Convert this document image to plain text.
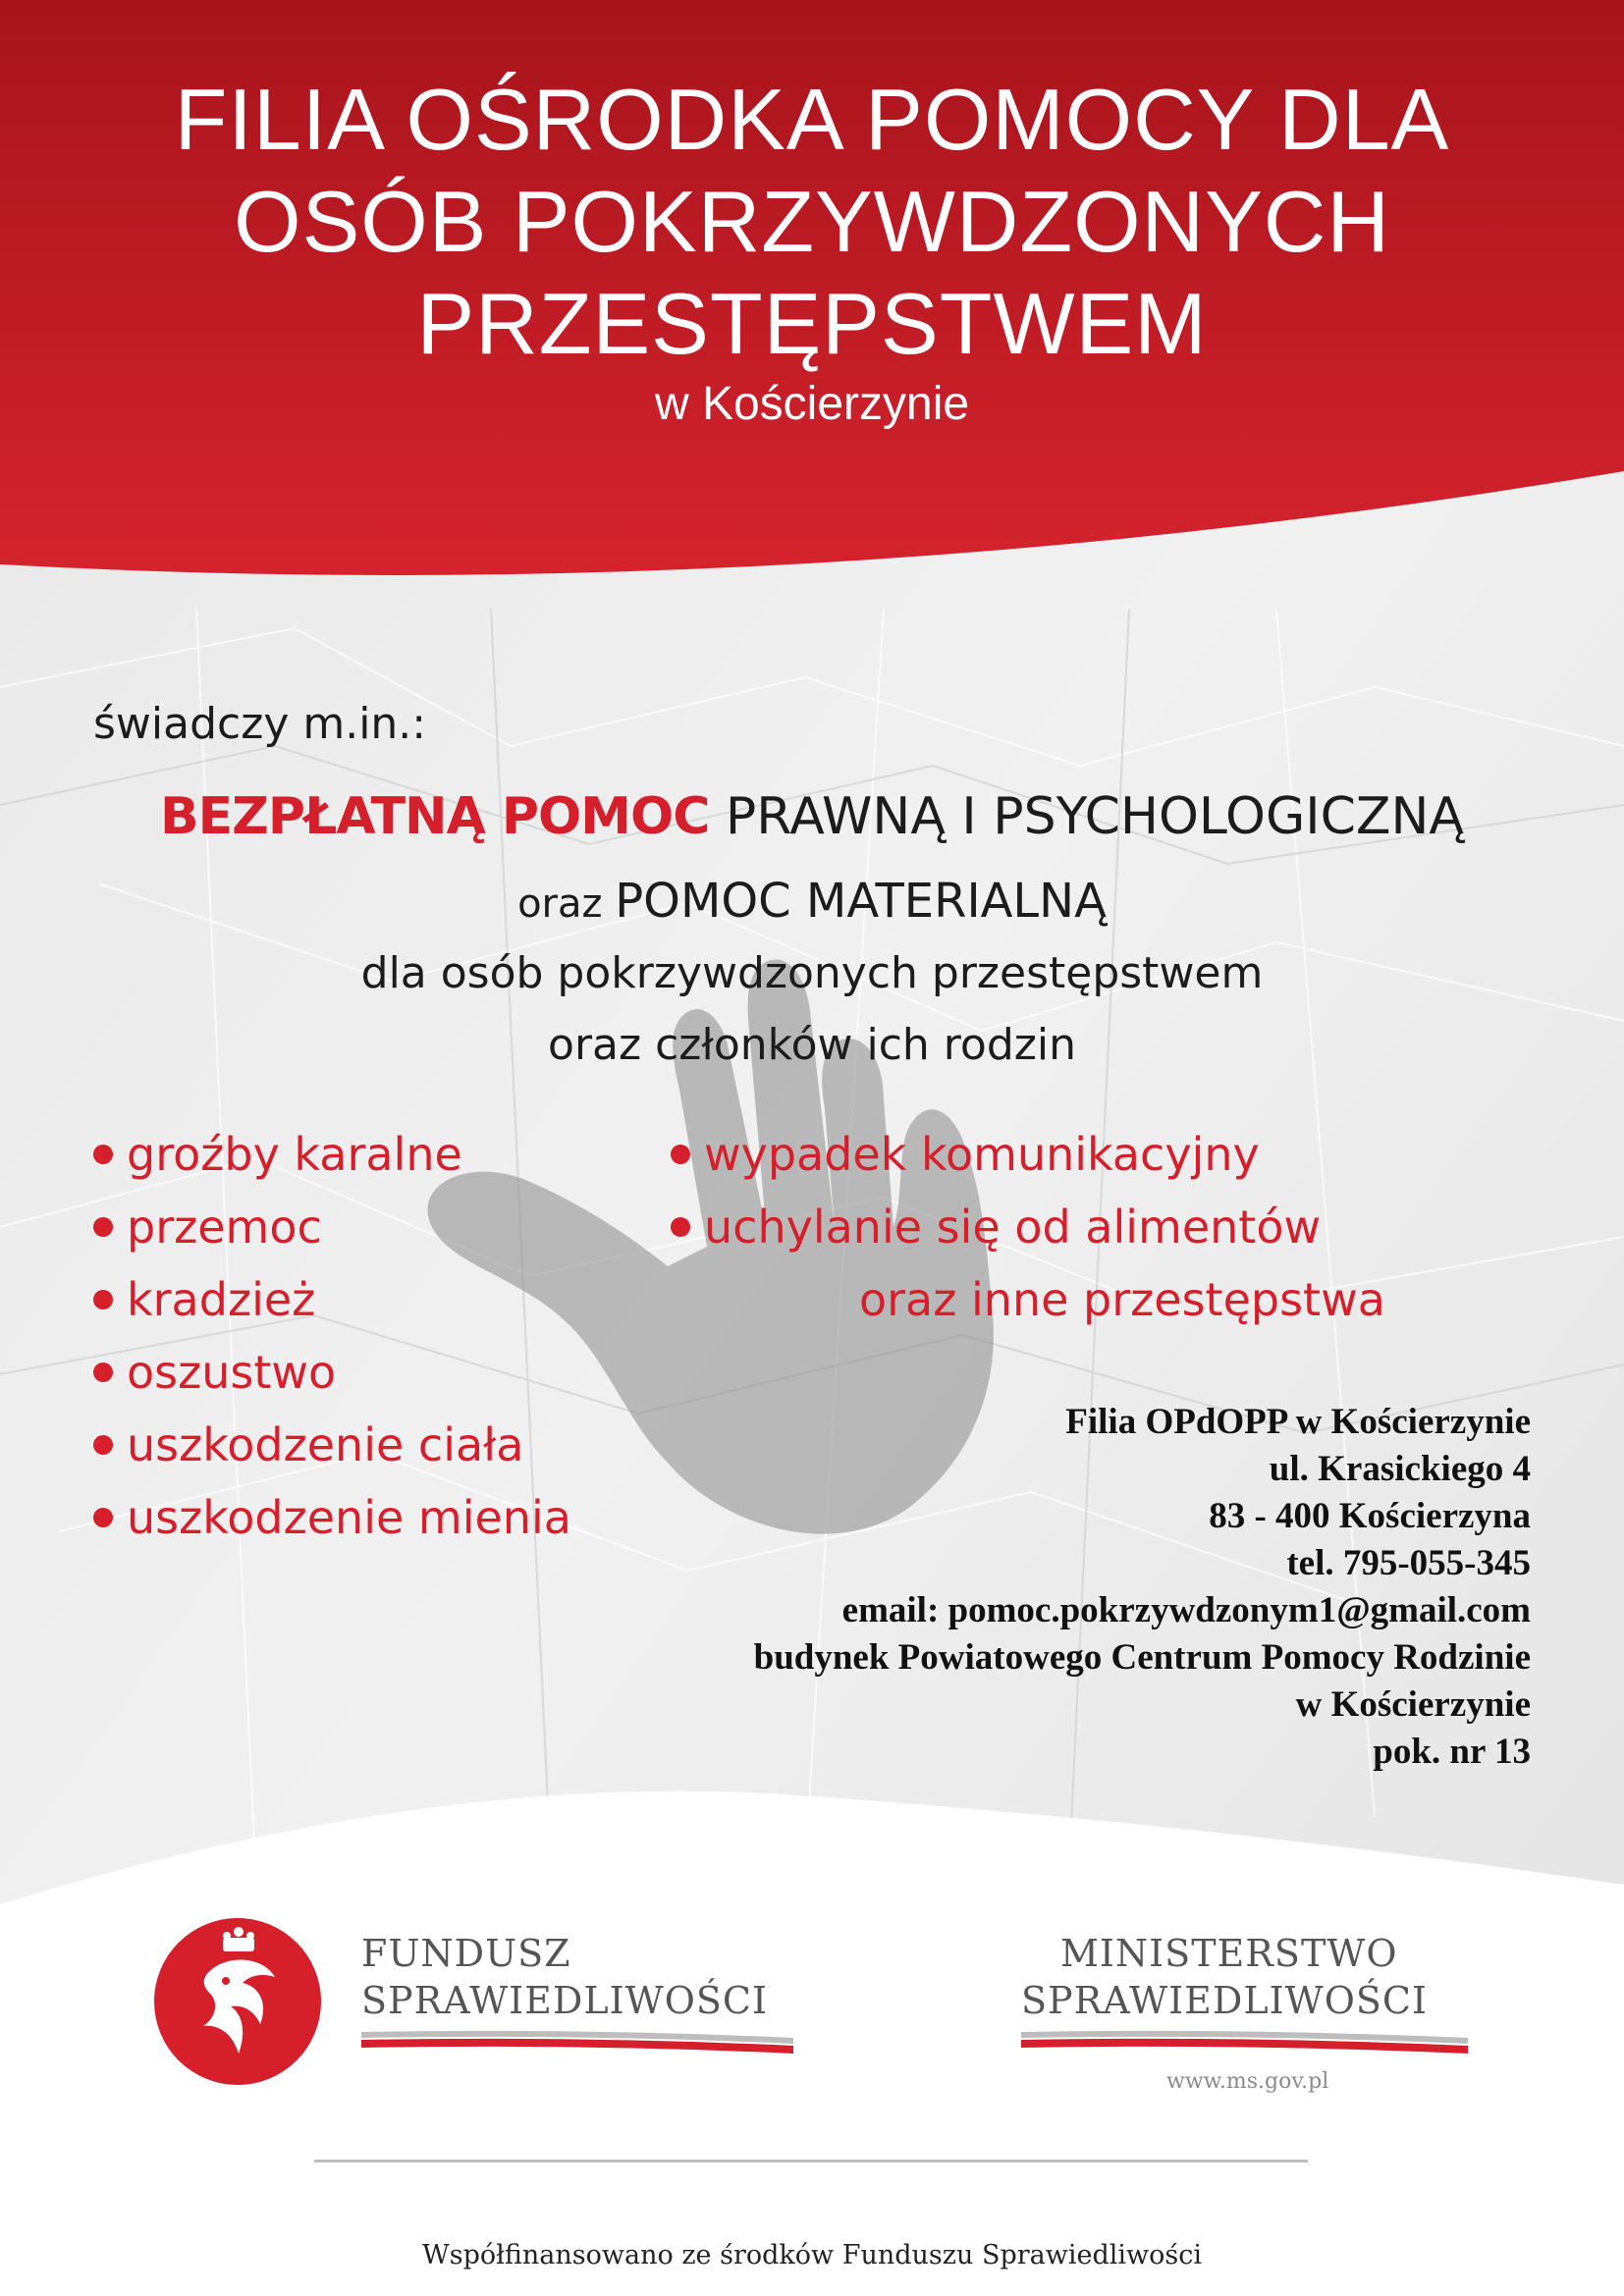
FILIA OŚRODKA POMOCY DLA
OSÓB POKRZYWDZONYCH
PRZESTĘPSTWEM
w Kościerzynie
świadczy m.in.:
BEZPŁATNĄ POMOC PRAWNĄ I PSYCHOLOGICZNĄ
oraz POMOC MATERIALNĄ
dla osób pokrzywdzonych przestępstwem
oraz członków ich rodzin
groźby karalne
przemoc
kradzież
oszustwo
uszkodzenie ciała
uszkodzenie mienia
wypadek komunikacyjny
uchylanie się od alimentów
oraz inne przestępstwa
Filia OPdOPP w Kościerzynie
ul. Krasickiego 4
83 - 400 Kościerzyna
tel. 795-055-345
email: pomoc.pokrzywdzonym1@gmail.com
budynek Powiatowego Centrum Pomocy Rodzinie
w Kościerzynie
pok. nr 13
FUNDUSZ
SPRAWIEDLIWOŚCI
MINISTERSTWO
SPRAWIEDLIWOŚCI
www.ms.gov.pl
Współfinansowano ze środków Funduszu Sprawiedliwości
